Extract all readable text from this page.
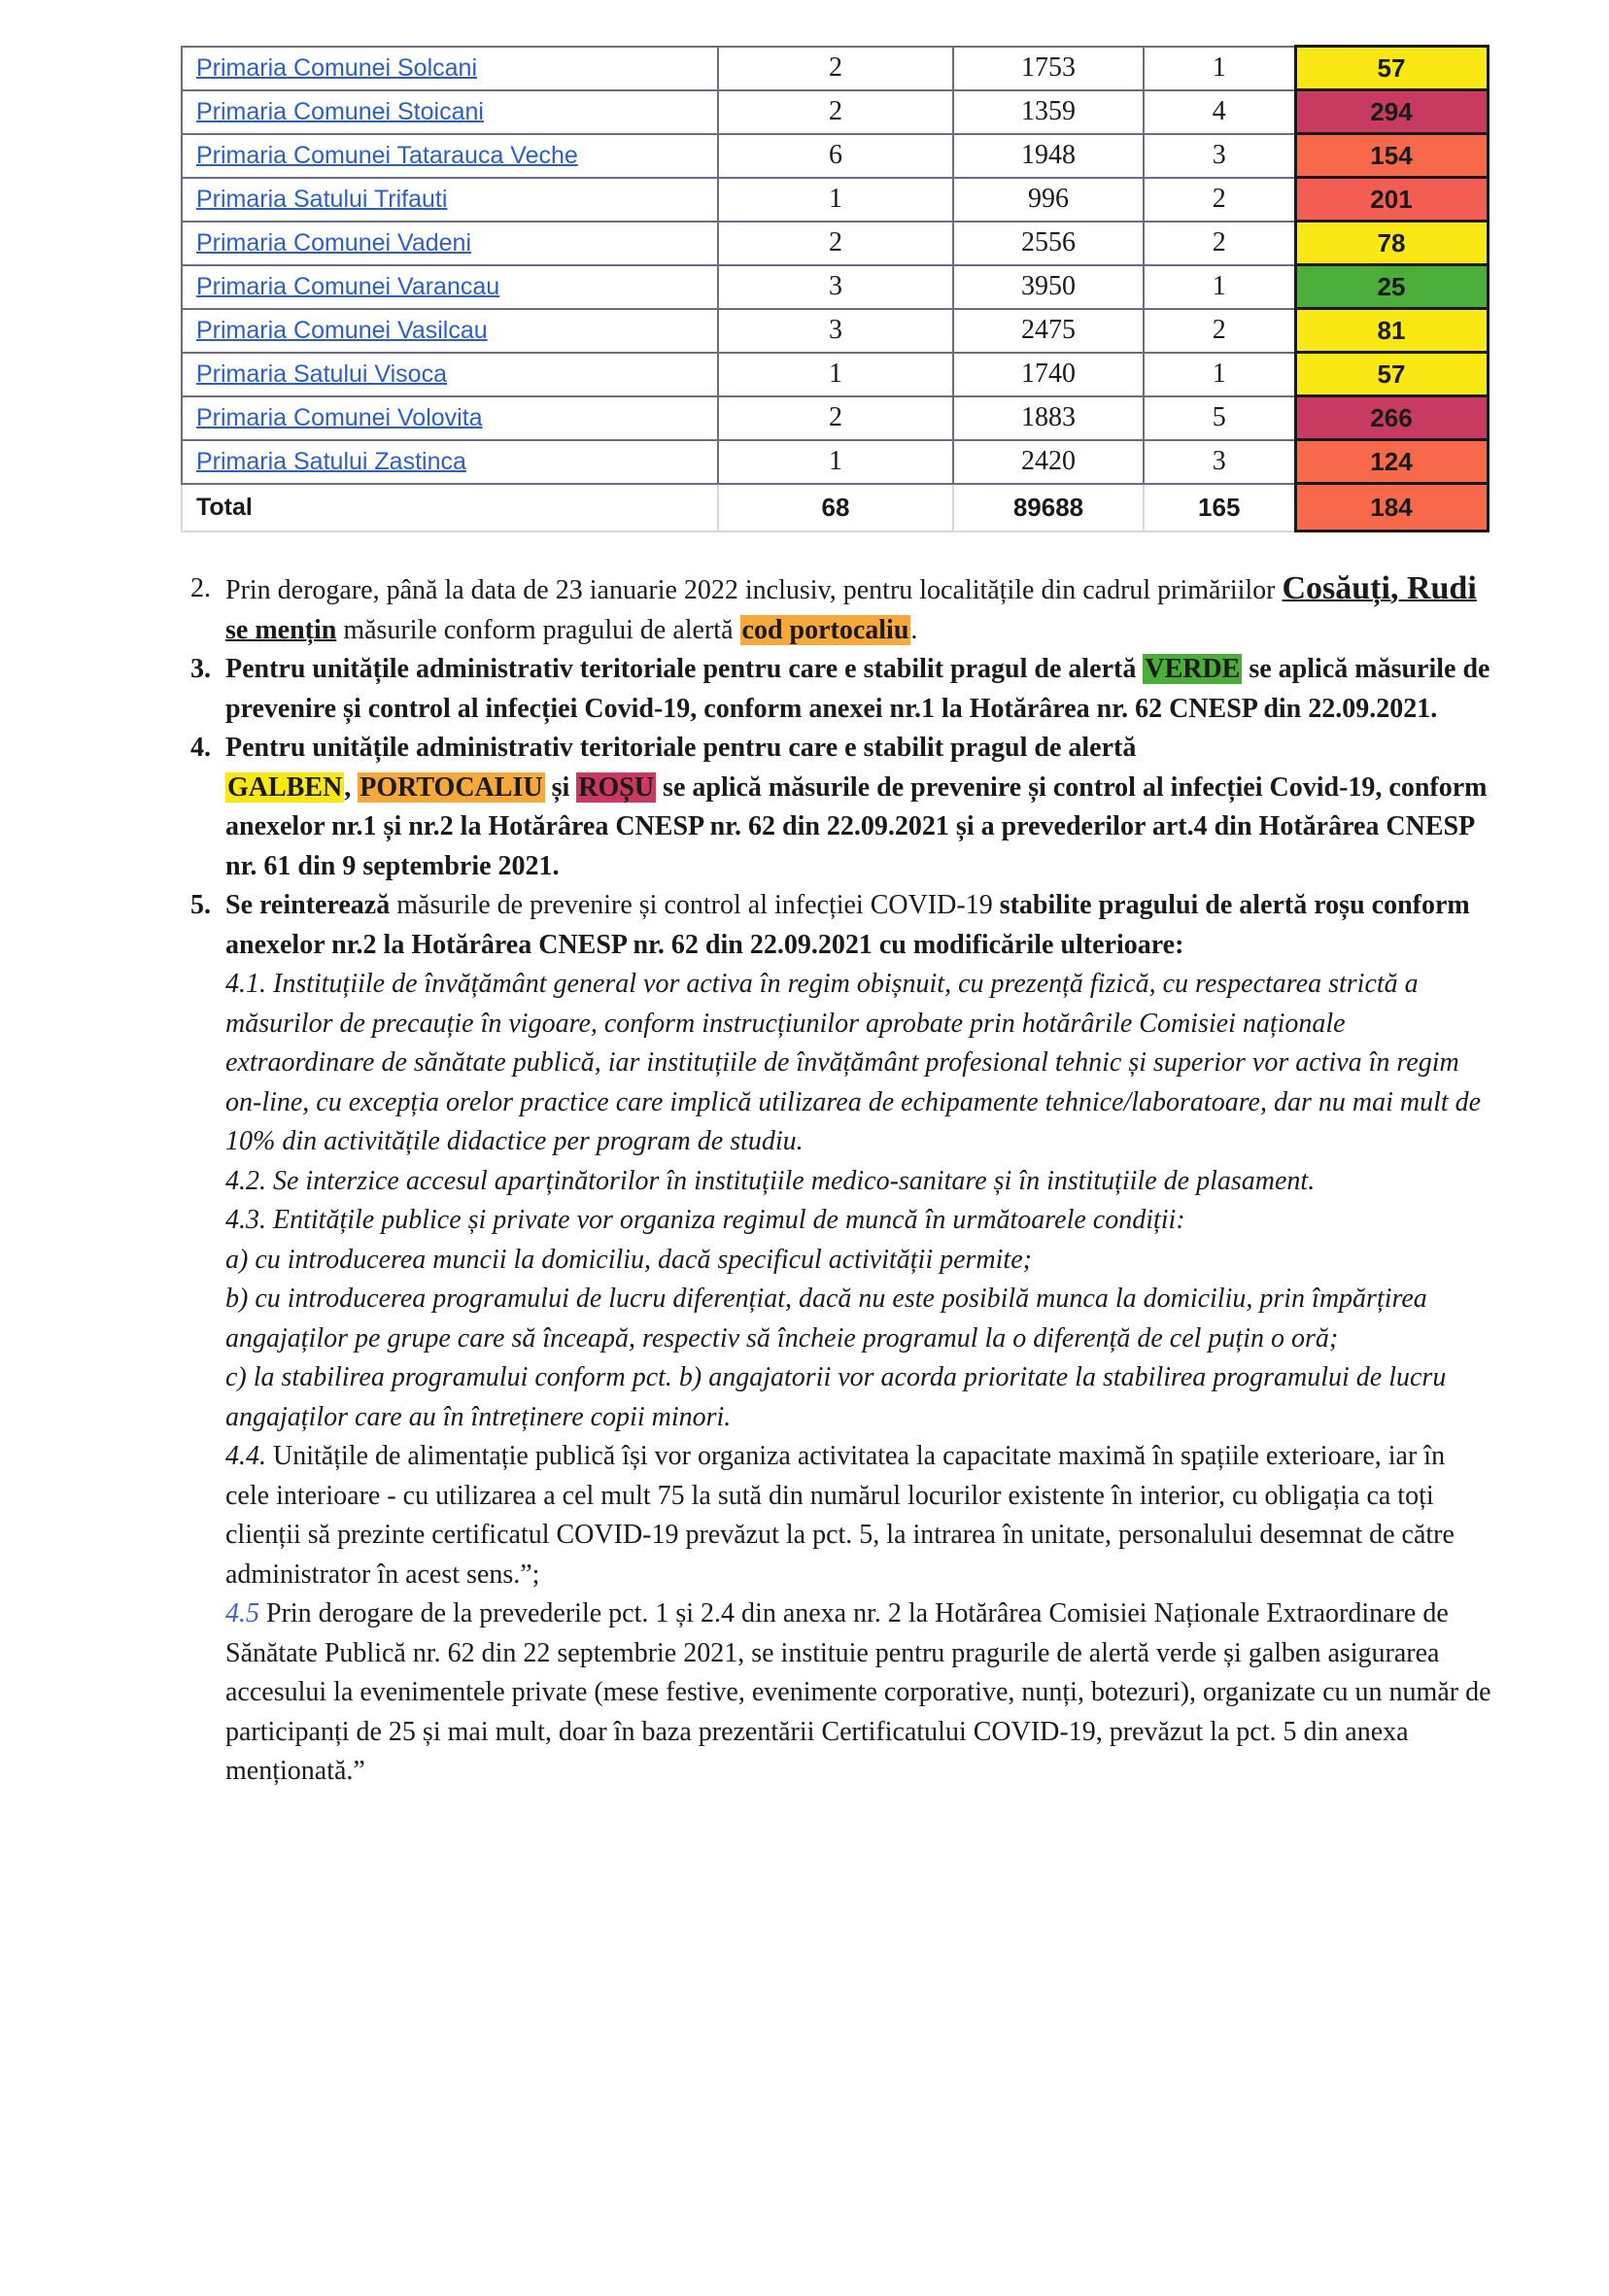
Primaria Comunei Solcani	2	1753	1	57
Primaria Comunei Stoicani	2	1359	4	294
Primaria Comunei Tatarauca Veche	6	1948	3	154
Primaria Satului Trifauti	1	996	2	201
Primaria Comunei Vadeni	2	2556	2	78
Primaria Comunei Varancau	3	3950	1	25
Primaria Comunei Vasilcau	3	2475	2	81
Primaria Satului Visoca	1	1740	1	57
Primaria Comunei Volovita	2	1883	5	266
Primaria Satului Zastinca	1	2420	3	124
Total	68	89688	165	184
2. Prin derogare, până la data de 23 ianuarie 2022 inclusiv, pentru localitățile din cadrul primăriilor Cosăuți, Rudi se mențin măsurile conform pragului de alertă cod portocaliu.
3. Pentru unitățile administrativ teritoriale pentru care e stabilit pragul de alertă VERDE se aplică măsurile de prevenire și control al infecției Covid-19, conform anexei nr.1 la Hotărârea nr. 62 CNESP din 22.09.2021.
4. Pentru unitățile administrativ teritoriale pentru care e stabilit pragul de alertă
GALBEN, PORTOCALIU și ROȘU se aplică măsurile de prevenire și control al infecției Covid-19, conform anexelor nr.1 și nr.2 la Hotărârea CNESP nr. 62 din 22.09.2021 și a prevederilor art.4 din Hotărârea CNESP nr. 61 din 9 septembrie 2021.
5. Se reinterează măsurile de prevenire și control al infecției COVID-19 stabilite pragului de alertă roșu conform anexelor nr.2 la Hotărârea CNESP nr. 62 din 22.09.2021 cu modificările ulterioare:
4.1. Instituțiile de învățământ general vor activa în regim obișnuit, cu prezență fizică, cu respectarea strictă a măsurilor de precauție în vigoare, conform instrucțiunilor aprobate prin hotărârile Comisiei naționale extraordinare de sănătate publică, iar instituțiile de învățământ profesional tehnic și superior vor activa în regim on-line, cu excepția orelor practice care implică utilizarea de echipamente tehnice/laboratoare, dar nu mai mult de 10% din activitățile didactice per program de studiu.
4.2. Se interzice accesul aparținătorilor în instituțiile medico-sanitare și în instituțiile de plasament.
4.3. Entitățile publice și private vor organiza regimul de muncă în următoarele condiții:
a) cu introducerea muncii la domiciliu, dacă specificul activității permite;
b) cu introducerea programului de lucru diferențiat, dacă nu este posibilă munca la domiciliu, prin împărțirea angajaților pe grupe care să înceapă, respectiv să încheie programul la o diferență de cel puțin o oră;
c) la stabilirea programului conform pct. b) angajatorii vor acorda prioritate la stabilirea programului de lucru angajaților care au în întreținere copii minori.
4.4. Unitățile de alimentație publică își vor organiza activitatea la capacitate maximă în spațiile exterioare, iar în cele interioare - cu utilizarea a cel mult 75 la sută din numărul locurilor existente în interior, cu obligația ca toți clienții să prezinte certificatul COVID-19 prevăzut la pct. 5, la intrarea în unitate, personalului desemnat de către administrator în acest sens.”;
4.5 Prin derogare de la prevederile pct. 1 și 2.4 din anexa nr. 2 la Hotărârea Comisiei Naționale Extraordinare de Sănătate Publică nr. 62 din 22 septembrie 2021, se instituie pentru pragurile de alertă verde și galben asigurarea accesului la evenimentele private (mese festive, evenimente corporative, nunți, botezuri), organizate cu un număr de participanți de 25 și mai mult, doar în baza prezentării Certificatului COVID-19, prevăzut la pct. 5 din anexa menționată.”
